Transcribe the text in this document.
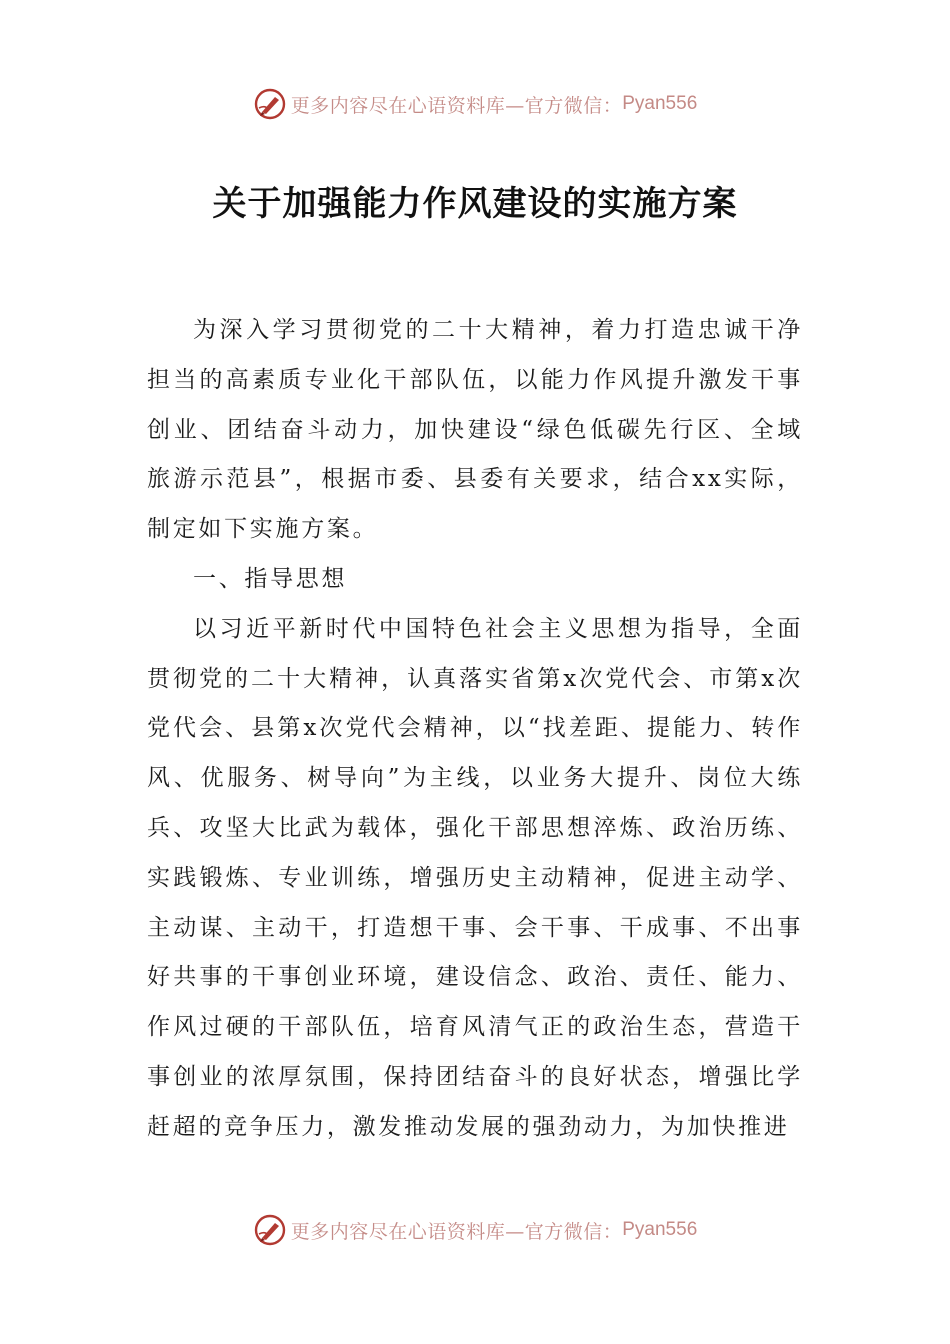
更多内容尽在心语资料库—官方微信： Pyan556
关于加强能力作风建设的实施方案

为深入学习贯彻党的二十大精神，着力打造忠诚干净担当的高素质专业化干部队伍，以能力作风提升激发干事创业、团结奋斗动力，加快建设“绿色低碳先行区、全域旅游示范县”，根据市委、县委有关要求，结合xx实际，制定如下实施方案。

一、指导思想

以习近平新时代中国特色社会主义思想为指导，全面贯彻党的二十大精神，认真落实省第x次党代会、市第x次党代会、县第x次党代会精神，以“找差距、提能力、转作风、优服务、树导向”为主线，以业务大提升、岗位大练兵、攻坚大比武为载体，强化干部思想淬炼、政治历练、实践锻炼、专业训练，增强历史主动精神，促进主动学、主动谋、主动干，打造想干事、会干事、干成事、不出事好共事的干事创业环境，建设信念、政治、责任、能力、作风过硬的干部队伍，培育风清气正的政治生态，营造干事创业的浓厚氛围，保持团结奋斗的良好状态，增强比学赶超的竞争压力，激发推动发展的强劲动力，为加快推进

更多内容尽在心语资料库—官方微信： Pyan556
